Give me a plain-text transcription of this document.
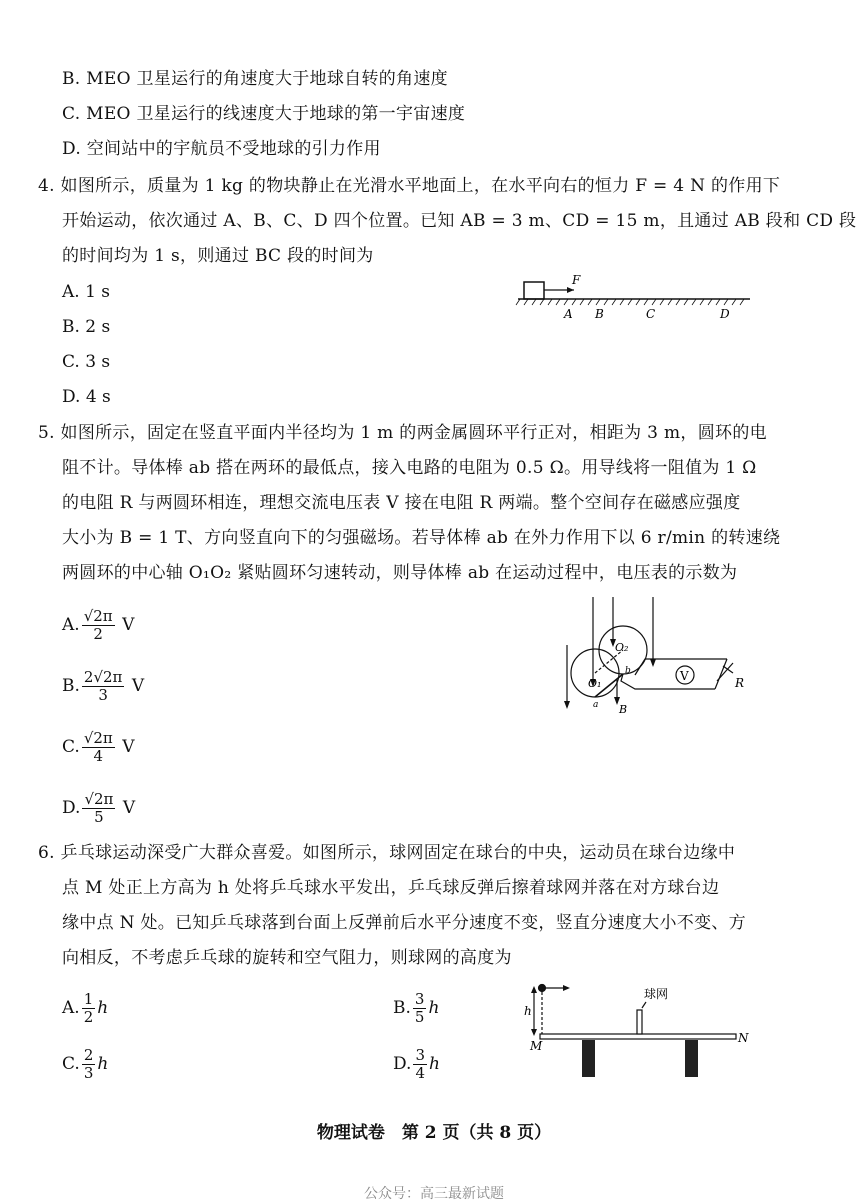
B. MEO 卫星运行的角速度大于地球自转的角速度
C. MEO 卫星运行的线速度大于地球的第一宇宙速度
D. 空间站中的宇航员不受地球的引力作用
4. 如图所示，质量为 1 kg 的物块静止在光滑水平地面上，在水平向右的恒力 F = 4 N 的作用下
开始运动，依次通过 A、B、C、D 四个位置。已知 AB = 3 m、CD = 15 m，且通过 AB 段和 CD 段
的时间均为 1 s，则通过 BC 段的时间为
A. 1 s
B. 2 s
C. 3 s
D. 4 s
F
A B	C	D
5. 如图所示，固定在竖直平面内半径均为 1 m 的两金属圆环平行正对，相距为 3 m，圆环的电
阻不计。导体棒 ab 搭在两环的最低点，接入电路的电阻为 0.5 Ω。用导线将一阻值为 1 Ω
的电阻 R 与两圆环相连，理想交流电压表 V 接在电阻 R 两端。整个空间存在磁感应强度
大小为 B = 1 T、方向竖直向下的匀强磁场。若导体棒 ab 在外力作用下以 6 r/min 的转速绕
两圆环的中心轴 O₁O₂ 紧贴圆环匀速转动，则导体棒 ab 在运动过程中，电压表的示数为
A. $\frac{√2\pi}{2}$ V
B. $\frac{2√2\pi}{3}$ V
C. $\frac{√2\pi}{4}$ V
D. $\frac{√2\pi}{5}$ V
O₂
O₁
V	R
B
a
b
6. 乒乓球运动深受广大群众喜爱。如图所示，球网固定在球台的中央，运动员在球台边缘中
点 M 处正上方高为 h 处将乒乓球水平发出，乒乓球反弹后擦着球网并落在对方球台边
缘中点 N 处。已知乒乓球落到台面上反弹前后水平分速度不变，竖直分速度大小不变、方
向相反，不考虑乒乓球的旋转和空气阻力，则球网的高度为
A. $\frac{1}{2}$ h	B. $\frac{3}{5}$ h
C. $\frac{2}{3}$ h	D. $\frac{3}{4}$ h
h
M
N
球网
物理试卷　第 2 页（共 8 页）
公众号：高三最新试题
